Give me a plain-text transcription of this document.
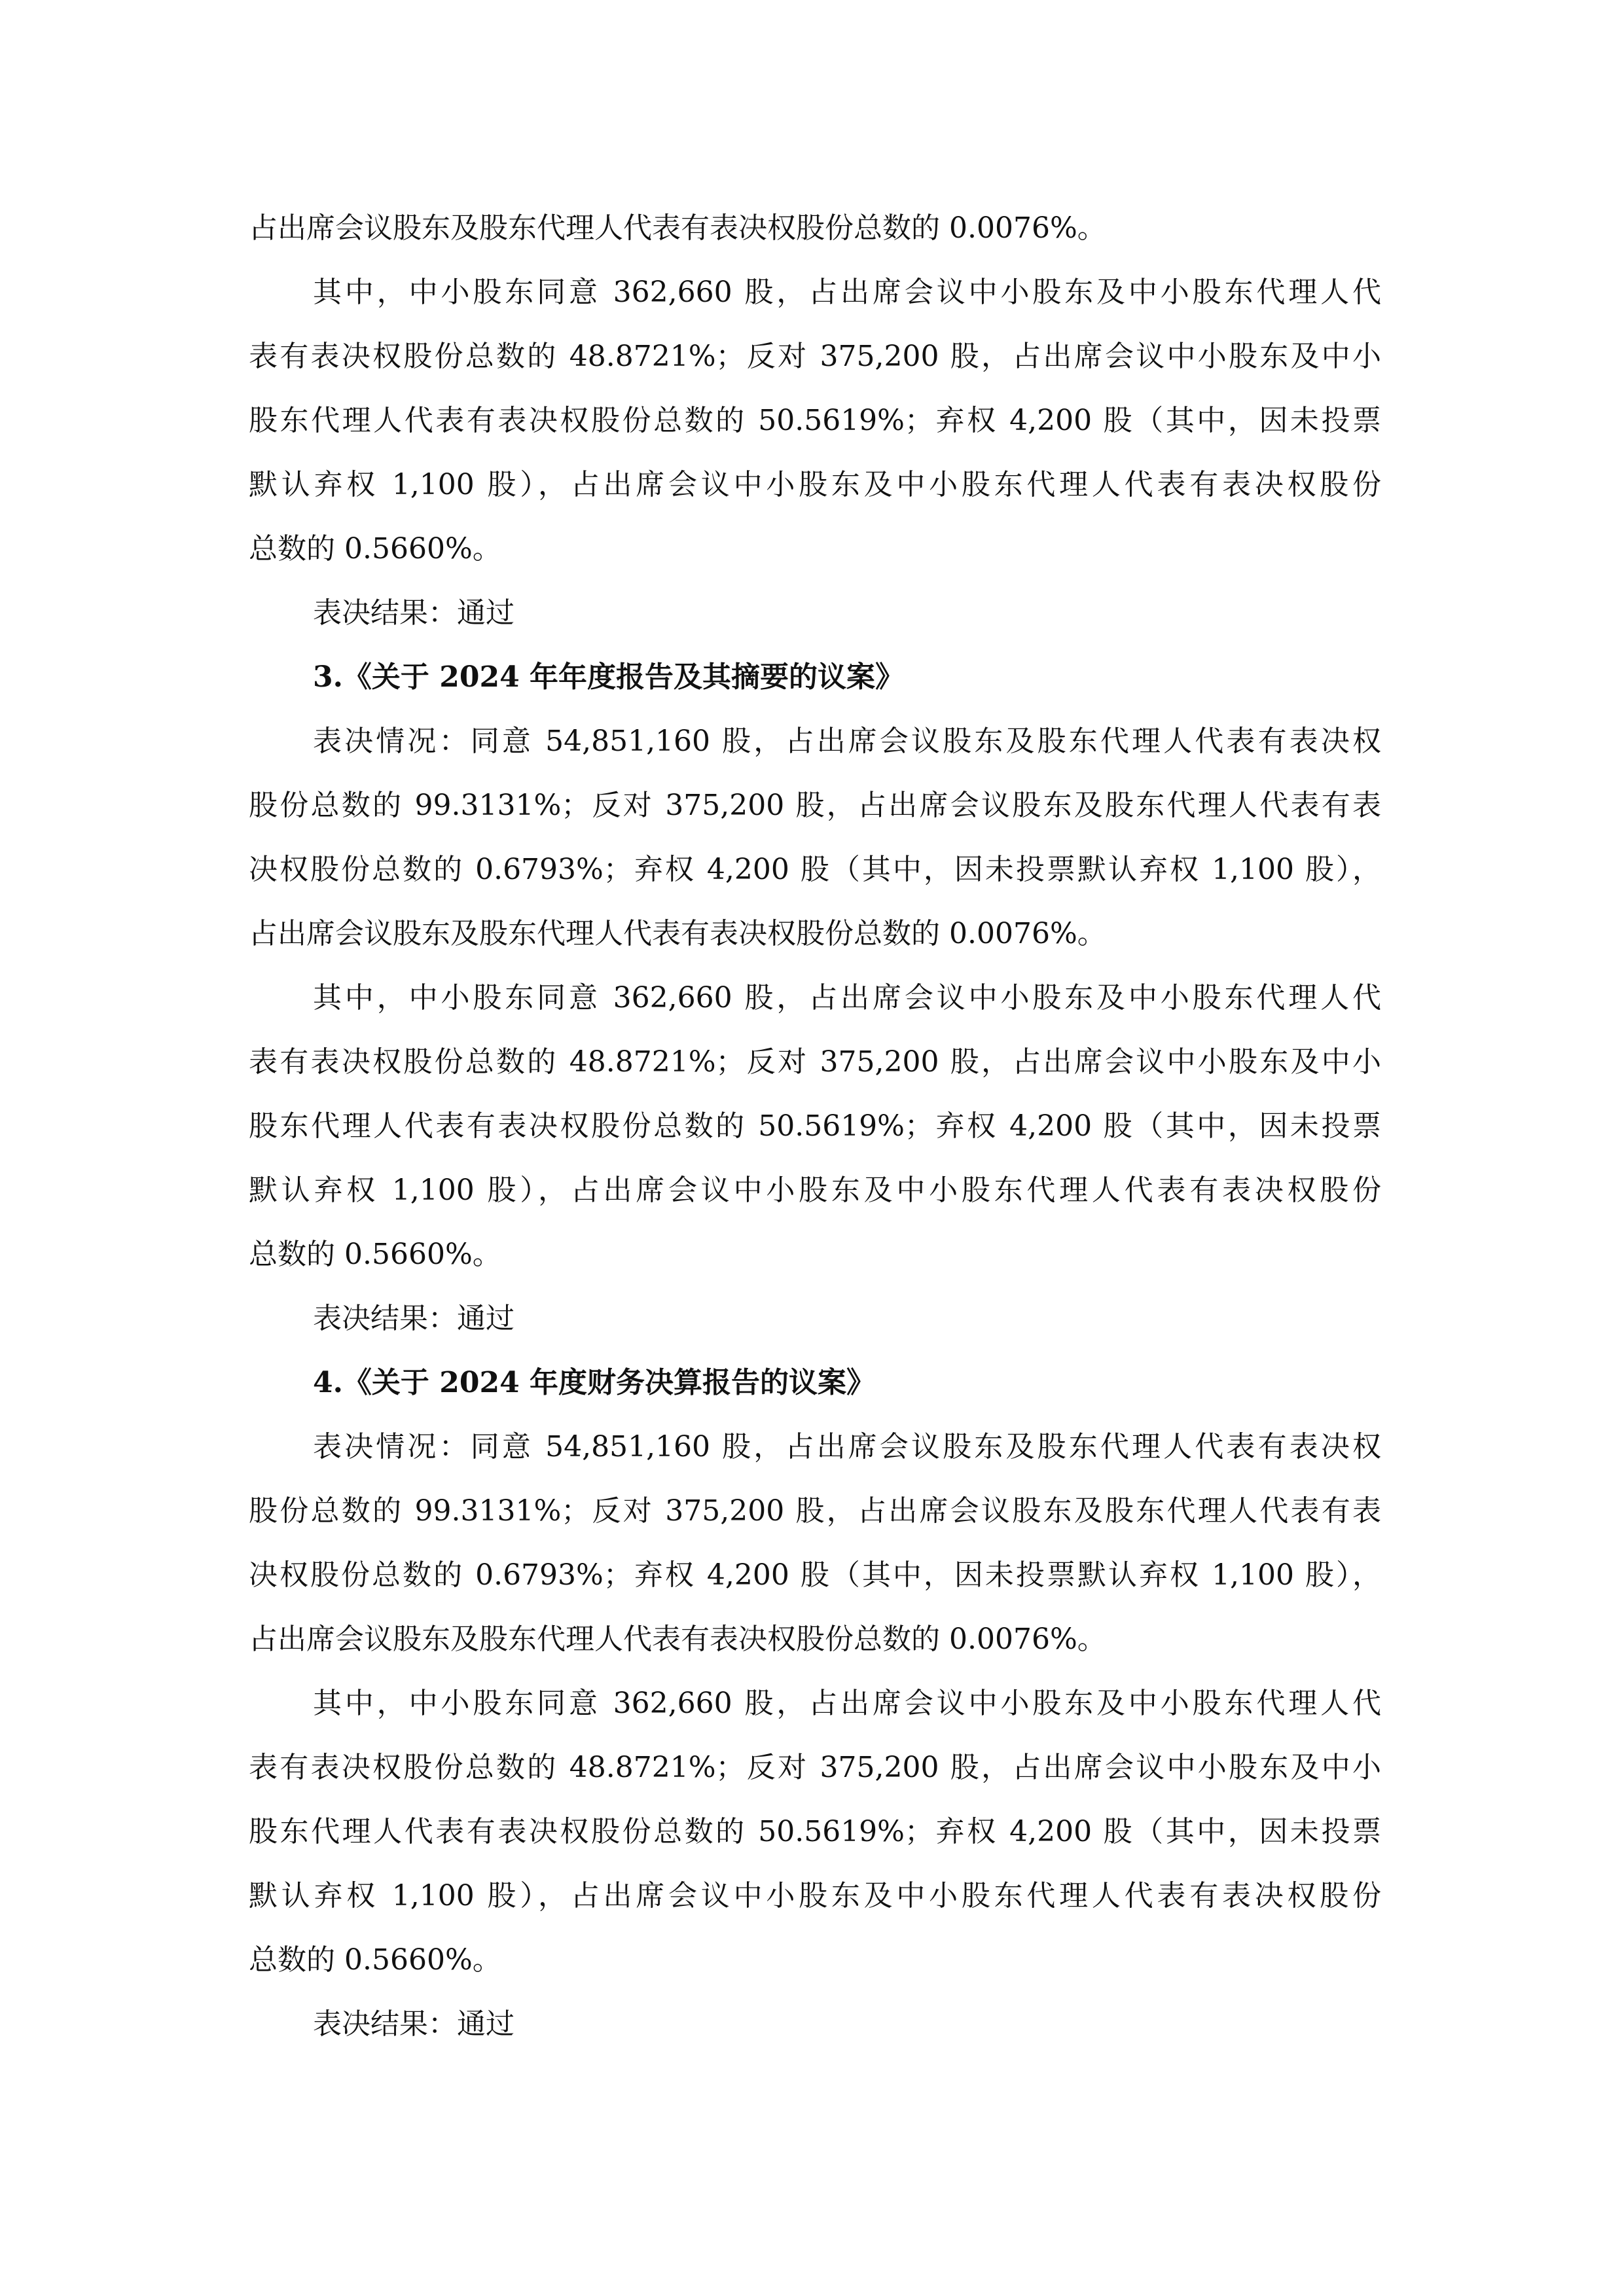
占出席会议股东及股东代理人代表有表决权股份总数的 0.0076%。
其中，中小股东同意 362,660 股，占出席会议中小股东及中小股东代理人代
表有表决权股份总数的 48.8721%；反对 375,200 股，占出席会议中小股东及中小
股东代理人代表有表决权股份总数的 50.5619%；弃权 4,200 股（其中，因未投票
默认弃权 1,100 股），占出席会议中小股东及中小股东代理人代表有表决权股份
总数的 0.5660%。
表决结果：通过
3.《关于 2024 年年度报告及其摘要的议案》
表决情况：同意 54,851,160 股，占出席会议股东及股东代理人代表有表决权
股份总数的 99.3131%；反对 375,200 股，占出席会议股东及股东代理人代表有表
决权股份总数的 0.6793%；弃权 4,200 股（其中，因未投票默认弃权 1,100 股），
占出席会议股东及股东代理人代表有表决权股份总数的 0.0076%。
其中，中小股东同意 362,660 股，占出席会议中小股东及中小股东代理人代
表有表决权股份总数的 48.8721%；反对 375,200 股，占出席会议中小股东及中小
股东代理人代表有表决权股份总数的 50.5619%；弃权 4,200 股（其中，因未投票
默认弃权 1,100 股），占出席会议中小股东及中小股东代理人代表有表决权股份
总数的 0.5660%。
表决结果：通过
4.《关于 2024 年度财务决算报告的议案》
表决情况：同意 54,851,160 股，占出席会议股东及股东代理人代表有表决权
股份总数的 99.3131%；反对 375,200 股，占出席会议股东及股东代理人代表有表
决权股份总数的 0.6793%；弃权 4,200 股（其中，因未投票默认弃权 1,100 股），
占出席会议股东及股东代理人代表有表决权股份总数的 0.0076%。
其中，中小股东同意 362,660 股，占出席会议中小股东及中小股东代理人代
表有表决权股份总数的 48.8721%；反对 375,200 股，占出席会议中小股东及中小
股东代理人代表有表决权股份总数的 50.5619%；弃权 4,200 股（其中，因未投票
默认弃权 1,100 股），占出席会议中小股东及中小股东代理人代表有表决权股份
总数的 0.5660%。
表决结果：通过
